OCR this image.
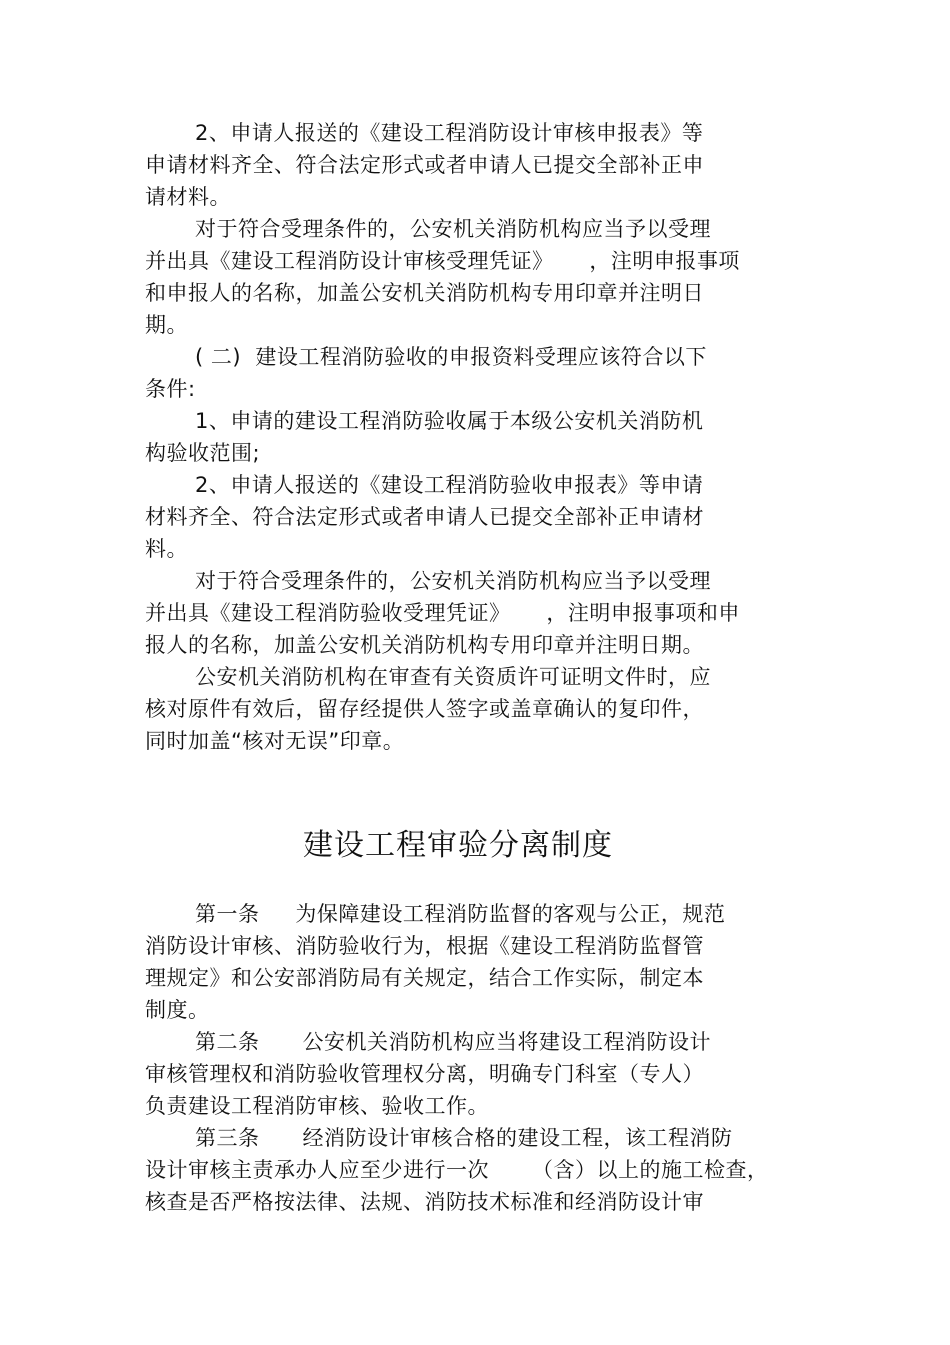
2、申请人报送的《建设工程消防设计审核申报表》等
申请材料齐全、符合法定形式或者申请人已提交全部补正申
请材料。
对于符合受理条件的，公安机关消防机构应当予以受理
并出具《建设工程消防设计审核受理凭证》     ，注明申报事项
和申报人的名称，加盖公安机关消防机构专用印章并注明日
期。
( 二)  建设工程消防验收的申报资料受理应该符合以下
条件:
1、申请的建设工程消防验收属于本级公安机关消防机
构验收范围;
2、申请人报送的《建设工程消防验收申报表》等申请
材料齐全、符合法定形式或者申请人已提交全部补正申请材
料。
对于符合受理条件的，公安机关消防机构应当予以受理
并出具《建设工程消防验收受理凭证》     ，注明申报事项和申
报人的名称，加盖公安机关消防机构专用印章并注明日期。
公安机关消防机构在审查有关资质许可证明文件时，应
核对原件有效后，留存经提供人签字或盖章确认的复印件，
同时加盖“核对无误”印章。
建设工程审验分离制度
第一条     为保障建设工程消防监督的客观与公正，规范
消防设计审核、消防验收行为，根据《建设工程消防监督管
理规定》和公安部消防局有关规定，结合工作实际，制定本
制度。
第二条      公安机关消防机构应当将建设工程消防设计
审核管理权和消防验收管理权分离，明确专门科室（专人）
负责建设工程消防审核、验收工作。
第三条      经消防设计审核合格的建设工程，该工程消防
设计审核主责承办人应至少进行一次      （含）以上的施工检查，
核查是否严格按法律、法规、消防技术标准和经消防设计审
